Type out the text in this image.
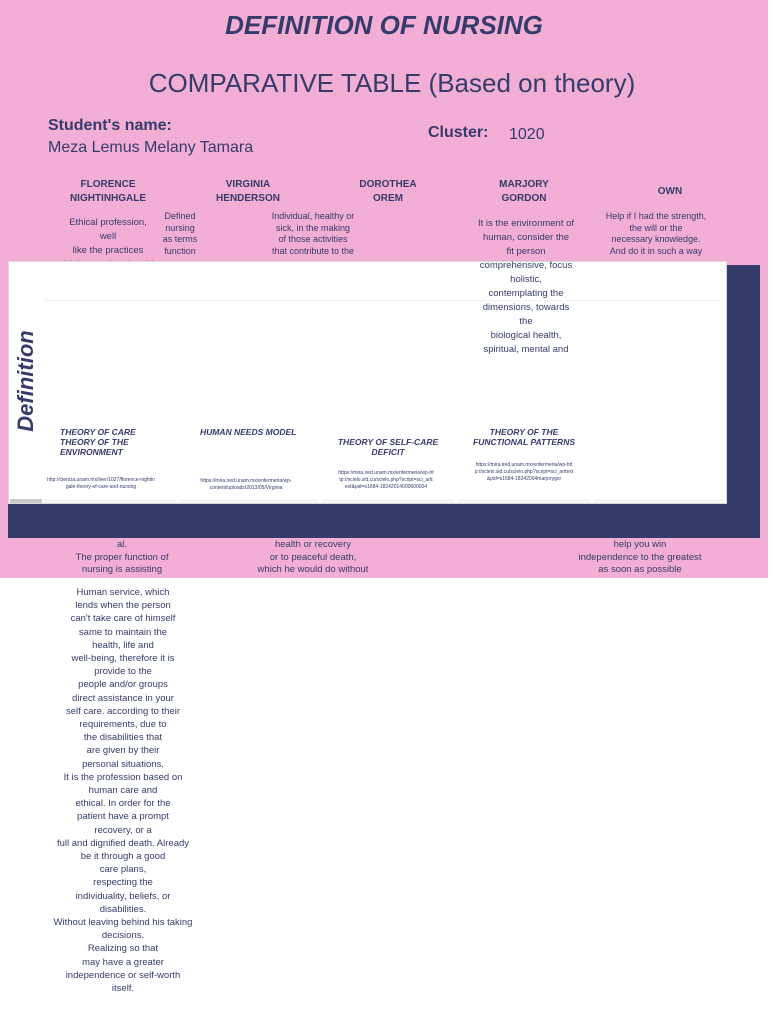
DEFINITION OF NURSING
COMPARATIVE TABLE (Based on theory)
Student's name:
Meza Lemus Melany Tamara
Cluster: 1020
FLORENCE
NIGHTINHGALE
VIRGINIA
HENDERSON
DOROTHEA
OREM
MARJORY
GORDON
OWN
Ethical profession,
well
like the practices

Defined
nursing
as terms
function
Individual, healthy or
sick, in the making
of those activities
that contribute to the
Help if I had the strength,
the will or the
necessary knowledge.
And do it in such a way
It is the environment of
human, consider the
fit person
comprehensive, focus
holistic,
contemplating the
dimensions, towards
the
biological health,
spiritual, mental and
Definition
THEORY OF CARE
THEORY OF THE
ENVIRONMENT
http://ciencia.unam.mx/leer/1027/florence-nightingale-theory-of-care-and-nursing
HUMAN NEEDS MODEL
https://mira.ired.unam.mx/enfermeria/wp-content/uploads/2013/05/Virginia
THEORY OF SELF-CARE
DEFICIT
https://mira.ired.unam.mx/enfermeria/wp-http://scielo.sld.cu/scielo.php?script=sci_arttext&pid=s1684-18242014000600004
THEORY OF THE
FUNCTIONAL PATTERNS
https://mira.ired.unam.mx/enfermeria/wp-http://scielo.sld.cu/scielo.php?script=sci_arttext&pid=s1684-18242004marjorygor
al.
The proper function of
nursing is assisting
health or recovery
or to peaceful death,
which he would do without
help you win
independence to the greatest
as soon as possible
Human service, which
lends when the person
can't take care of himself
same to maintain the
health, life and
well-being, therefore it is
provide to the
people and/or groups
direct assistance in your
self care. according to their
requirements, due to
the disabilities that
are given by their
personal situations.
It is the profession based on
human care and
ethical. In order for the
patient have a prompt
recovery, or a
full and dignified death. Already
be it through a good
care plans,
respecting the
individuality, beliefs, or
disabilities.
Without leaving behind his taking
decisions.
Realizing so that
may have a greater
independence or self-worth
itself.
